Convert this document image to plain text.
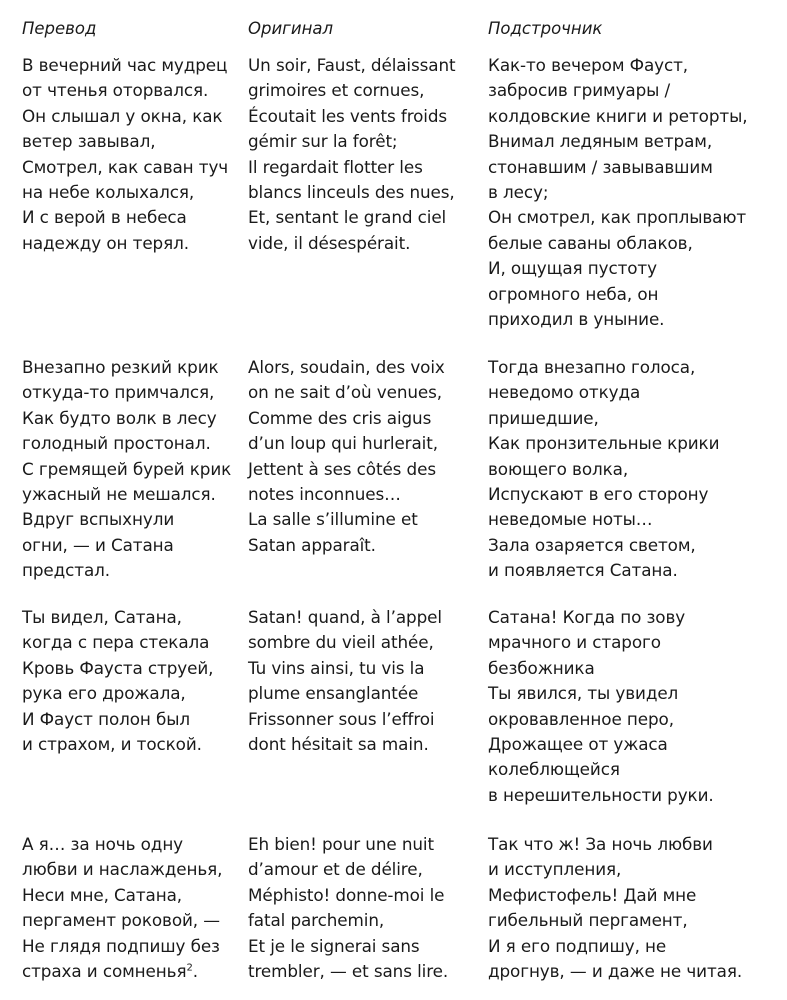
Перевод	Оригинал	Подстрочник
В вечерний час мудрец
от чтенья оторвался.
Он слышал у окна, как
ветер завывал,
Смотрел, как саван туч
на небе колыхался,
И с верой в небеса
надежду он терял.
Un soir, Faust, délaissant
grimoires et cornues,
Écoutait les vents froids
gémir sur la forêt;
Il regardait flotter les
blancs linceuls des nues,
Et, sentant le grand ciel
vide, il désespérait.
Как-то вечером Фауст,
забросив гримуары /
колдовские книги и реторты,
Внимал ледяным ветрам,
стонавшим / завывавшим
в лесу;
Он смотрел, как проплывают
белые саваны облаков,
И, ощущая пустоту
огромного неба, он
приходил в уныние.
Внезапно резкий крик
откуда-то примчался,
Как будто волк в лесу
голодный простонал.
С гремящей бурей крик
ужасный не мешался.
Вдруг вспыхнули
огни, — и Сатана
предстал.
Alors, soudain, des voix
on ne sait d’où venues,
Comme des cris aigus
d’un loup qui hurlerait,
Jettent à ses côtés des
notes inconnues…
La salle s’illumine et
Satan apparaît.
Тогда внезапно голоса,
неведомо откуда
пришедшие,
Как пронзительные крики
воющего волка,
Испускают в его сторону
неведомые ноты…
Зала озаряется светом,
и появляется Сатана.
Ты видел, Сатана,
когда с пера стекала
Кровь Фауста струей,
рука его дрожала,
И Фауст полон был
и страхом, и тоской.
Satan! quand, à l’appel
sombre du vieil athée,
Tu vins ainsi, tu vis la
plume ensanglantée
Frissonner sous l’effroi
dont hésitait sa main.
Сатана! Когда по зову
мрачного и старого
безбожника
Ты явился, ты увидел
окровавленное перо,
Дрожащее от ужаса
колеблющейся
в нерешительности руки.
А я… за ночь одну
любви и наслажденья,
Неси мне, Сатана,
пергамент роковой, —
Не глядя подпишу без
страха и сомненья$^2$.
Eh bien! pour une nuit
d’amour et de délire,
Méphisto! donne-moi le
fatal parchemin,
Et je le signerai sans
trembler, — et sans lire.
Так что ж! За ночь любви
и исступления,
Мефистофель! Дай мне
гибельный пергамент,
И я его подпишу, не
дрогнув, — и даже не читая.
